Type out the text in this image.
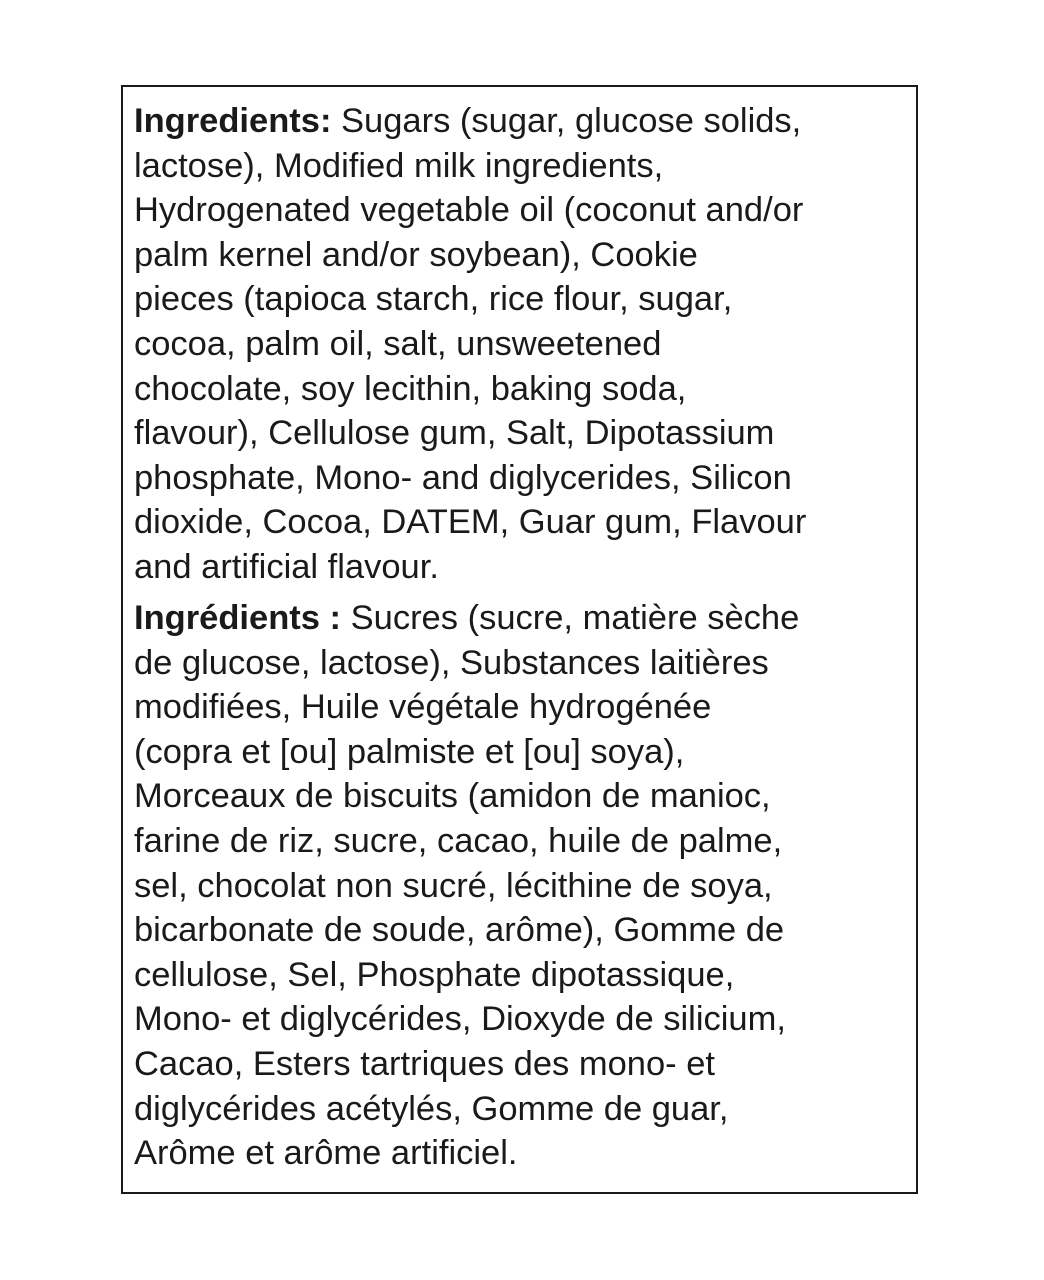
Ingredients: Sugars (sugar, glucose solids,
lactose), Modified milk ingredients,
Hydrogenated vegetable oil (coconut and/or
palm kernel and/or soybean), Cookie
pieces (tapioca starch, rice flour, sugar,
cocoa, palm oil, salt, unsweetened
chocolate, soy lecithin, baking soda,
flavour), Cellulose gum, Salt, Dipotassium
phosphate, Mono- and diglycerides, Silicon
dioxide, Cocoa, DATEM, Guar gum, Flavour
and artificial flavour.
Ingrédients : Sucres (sucre, matière sèche
de glucose, lactose), Substances laitières
modifiées, Huile végétale hydrogénée
(copra et [ou] palmiste et [ou] soya),
Morceaux de biscuits (amidon de manioc,
farine de riz, sucre, cacao, huile de palme,
sel, chocolat non sucré, lécithine de soya,
bicarbonate de soude, arôme), Gomme de
cellulose, Sel, Phosphate dipotassique,
Mono- et diglycérides, Dioxyde de silicium,
Cacao, Esters tartriques des mono- et
diglycérides acétylés, Gomme de guar,
Arôme et arôme artificiel.
